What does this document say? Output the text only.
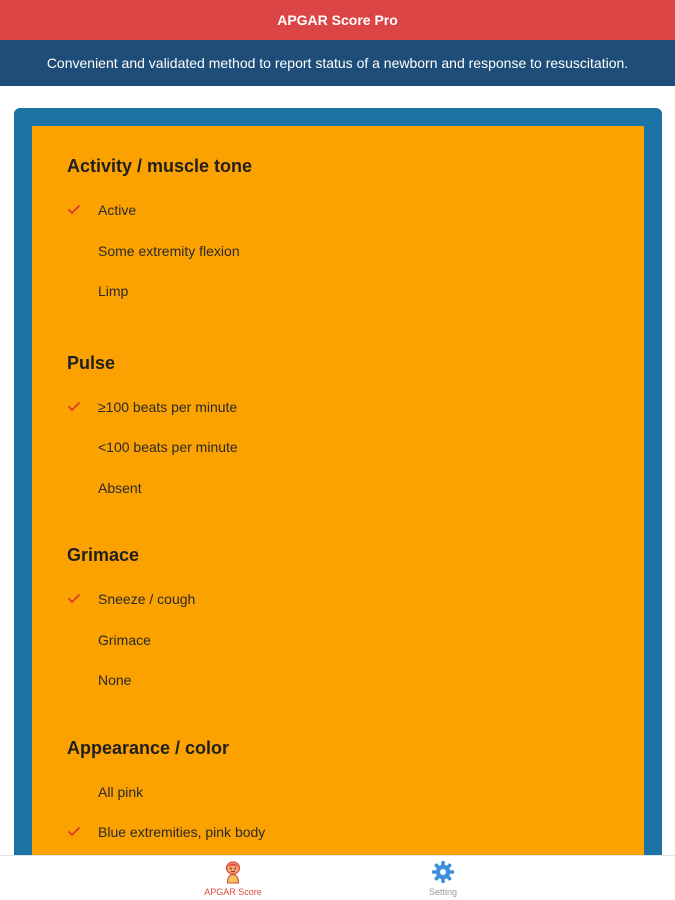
APGAR Score Pro
Convenient and validated method to report status of a newborn and response to resuscitation.
Activity / muscle tone
Active
Some extremity flexion
Limp
Pulse
≥100 beats per minute
<100 beats per minute
Absent
Grimace
Sneeze / cough
Grimace
None
Appearance / color
All pink
Blue extremities, pink body
APGAR Score	Setting
